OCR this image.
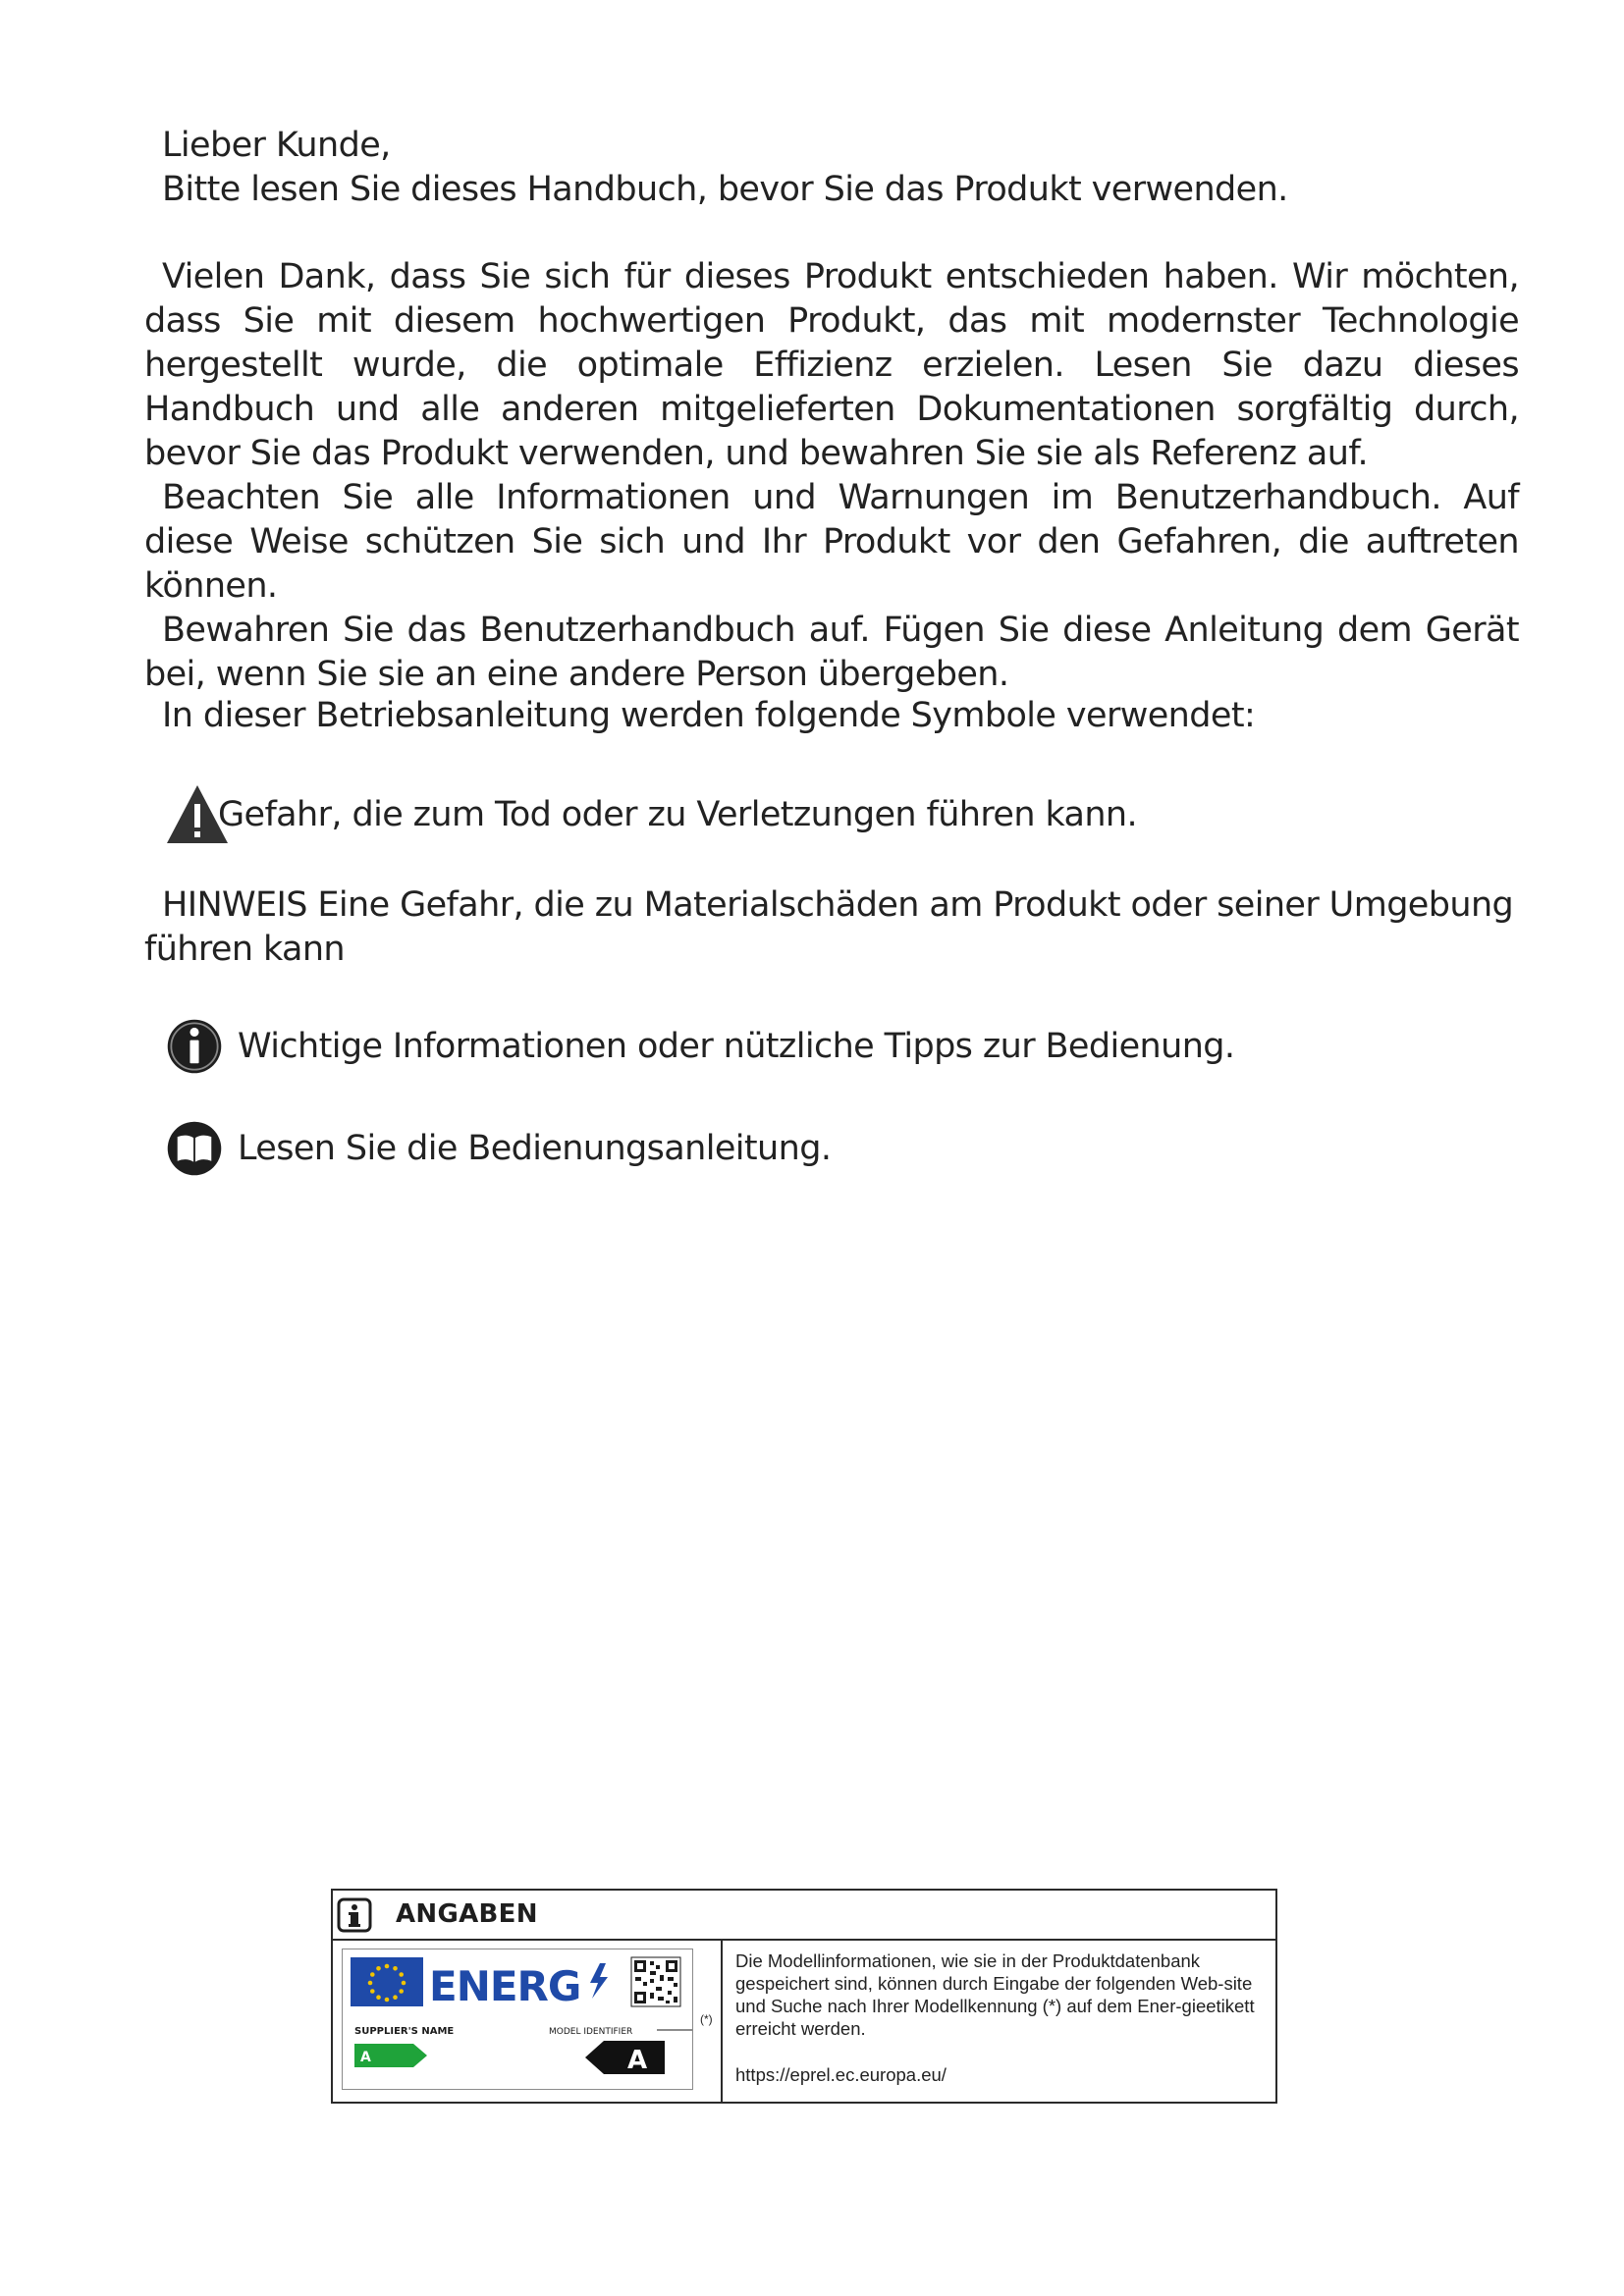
Lieber Kunde,

Bitte lesen Sie dieses Handbuch, bevor Sie das Produkt verwenden.

Vielen Dank, dass Sie sich für dieses Produkt entschieden haben. Wir möchten, dass Sie mit diesem hochwertigen Produkt, das mit modernster Technologie hergestellt wurde, die optimale Effizienz erzielen. Lesen Sie dazu dieses Handbuch und alle anderen mitgelieferten Dokumentationen sorgfältig durch, bevor Sie das Produkt verwenden, und bewahren Sie sie als Referenz auf.

Beachten Sie alle Informationen und Warnungen im Benutzerhandbuch. Auf diese Weise schützen Sie sich und Ihr Produkt vor den Gefahren, die auftreten können.

Bewahren Sie das Benutzerhandbuch auf. Fügen Sie diese Anleitung dem Gerät bei, wenn Sie sie an eine andere Person übergeben.

In dieser Betriebsanleitung werden folgende Symbole verwendet:

Gefahr, die zum Tod oder zu Verletzungen führen kann.

HINWEIS Eine Gefahr, die zu Materialschäden am Produkt oder seiner Umgebung führen kann

Wichtige Informationen oder nützliche Tipps zur Bedienung.
Lesen Sie die Bedienungsanleitung.
ANGABEN
ENERG
SUPPLIER'S NAME	MODEL IDENTIFIER
A	A
(*)
Die Modellinformationen, wie sie in der Produktdatenbank gespeichert sind, können durch Eingabe der folgenden Web-site und Suche nach Ihrer Modellkennung (*) auf dem Ener-gieetikett erreicht werden.
https://eprel.ec.europa.eu/
